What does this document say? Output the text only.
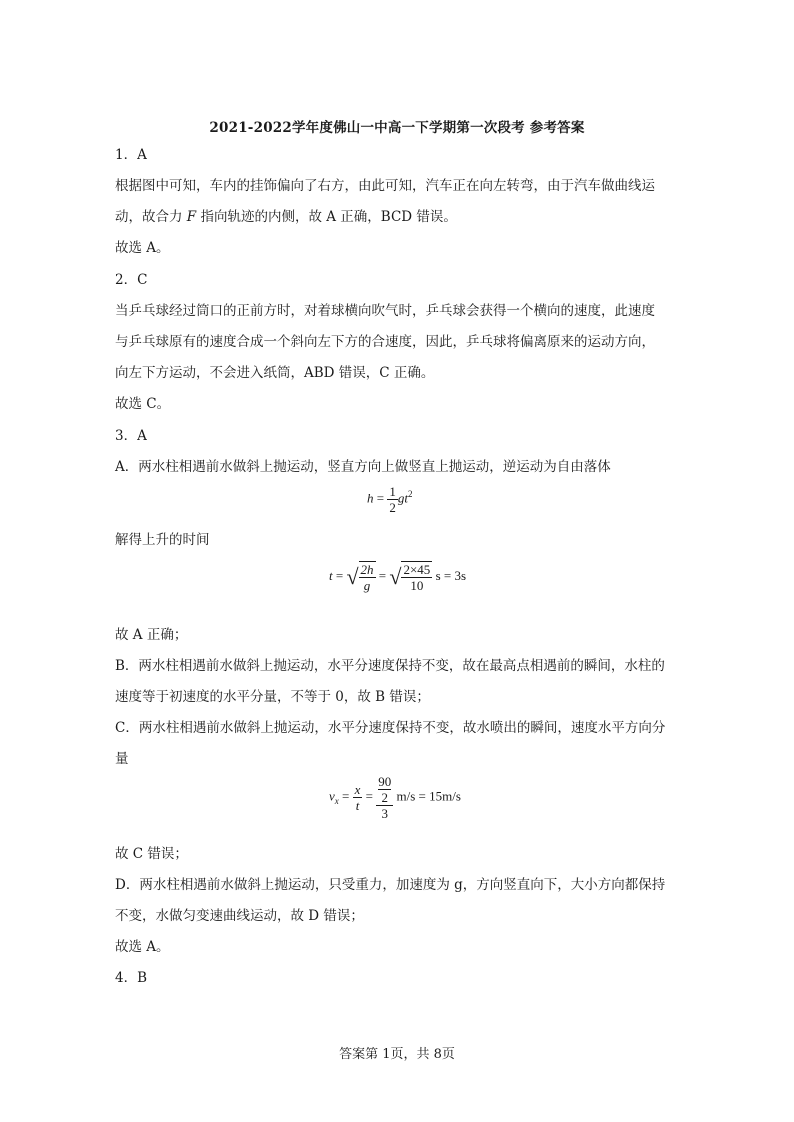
2021-2022学年度佛山一中高一下学期第一次段考 参考答案
1．A
根据图中可知，车内的挂饰偏向了右方，由此可知，汽车正在向左转弯，由于汽车做曲线运
动，故合力 F 指向轨迹的内侧，故 A 正确，BCD 错误。
故选 A。
2．C
当乒乓球经过筒口的正前方时，对着球横向吹气时，乒乓球会获得一个横向的速度，此速度
与乒乓球原有的速度合成一个斜向左下方的合速度，因此，乒乓球将偏离原来的运动方向，
向左下方运动，不会进入纸筒，ABD 错误，C 正确。
故选 C。
3．A
A．两水柱相遇前水做斜上抛运动，竖直方向上做竖直上抛运动，逆运动为自由落体
$h = \frac{1}{2} gt^2$
解得上升的时间
t = √ $\frac{2h}{g}$ = √ $\frac{2\times 45}{10}$ s = 3s
故 A 正确；
B．两水柱相遇前水做斜上抛运动，水平分速度保持不变，故在最高点相遇前的瞬间，水柱的
速度等于初速度的水平分量，不等于 0，故 B 错误；
C．两水柱相遇前水做斜上抛运动，水平分速度保持不变，故水喷出的瞬间，速度水平方向分
量
$v_x = \frac{x}{t} = 90$
2
3 m/s = 15m/s
故 C 错误；
D．两水柱相遇前水做斜上抛运动，只受重力，加速度为 g，方向竖直向下，大小方向都保持
不变，水做匀变速曲线运动，故 D 错误；
故选 A。
4．B
答案第 1页，共 8页
